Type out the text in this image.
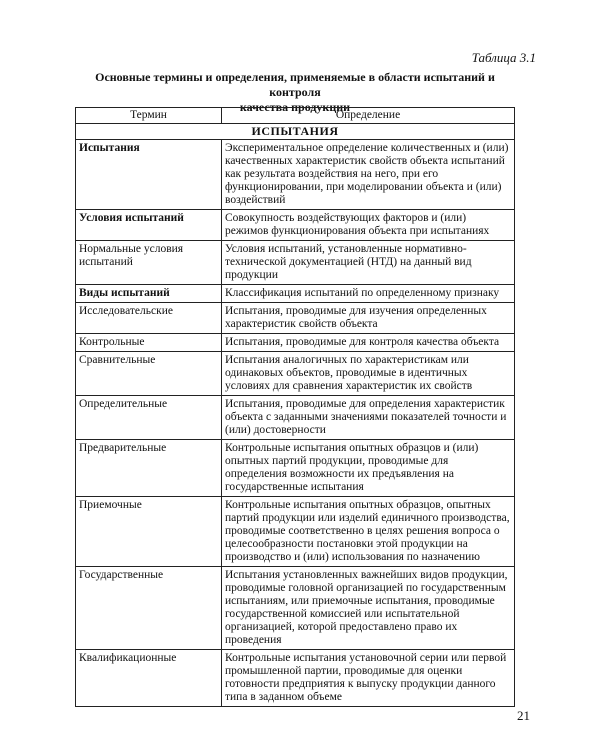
Таблица 3.1
Основные термины и определения, применяемые в области испытаний и контроля
качества продукции
Термин	Определение
ИСПЫТАНИЯ	
Испытания	Экспериментальное определение количественных и (или) качественных характеристик свойств объекта испытаний как результата воздействия на него, при его функционировании, при моделировании объекта и (или) воздействий
Условия испытаний	Совокупность воздействующих факторов и (или) режимов функционирования объекта при испытаниях
Нормальные условия испытаний	Условия испытаний, установленные нормативно-технической документацией (НТД) на данный вид продукции
Виды испытаний	Классификация испытаний по определенному признаку
Исследовательские	Испытания, проводимые для изучения определенных характеристик свойств объекта
Контрольные	Испытания, проводимые для контроля качества объекта
Сравнительные	Испытания аналогичных по характеристикам или одинаковых объектов, проводимые в идентичных условиях для сравнения характеристик их свойств
Определительные	Испытания, проводимые для определения характеристик объекта с заданными значениями показателей точности и (или) достоверности
Предварительные	Контрольные испытания опытных образцов и (или) опытных партий продукции, проводимые для определения возможности их предъявления на государственные испытания
Приемочные	Контрольные испытания опытных образцов, опытных партий продукции или изделий единичного производства, проводимые соответственно в целях решения вопроса о целесообразности постановки этой продукции на производство и (или) использования по назначению
Государственные	Испытания установленных важнейших видов продукции, проводимые головной организацией по государственным испытаниям, или приемочные испытания, проводимые государственной комиссией или испытательной организацией, которой предоставлено право их проведения
Квалификационные	Контрольные испытания установочной серии или первой промышленной партии, проводимые для оценки готовности предприятия к выпуску продукции данного типа в заданном объеме
21
